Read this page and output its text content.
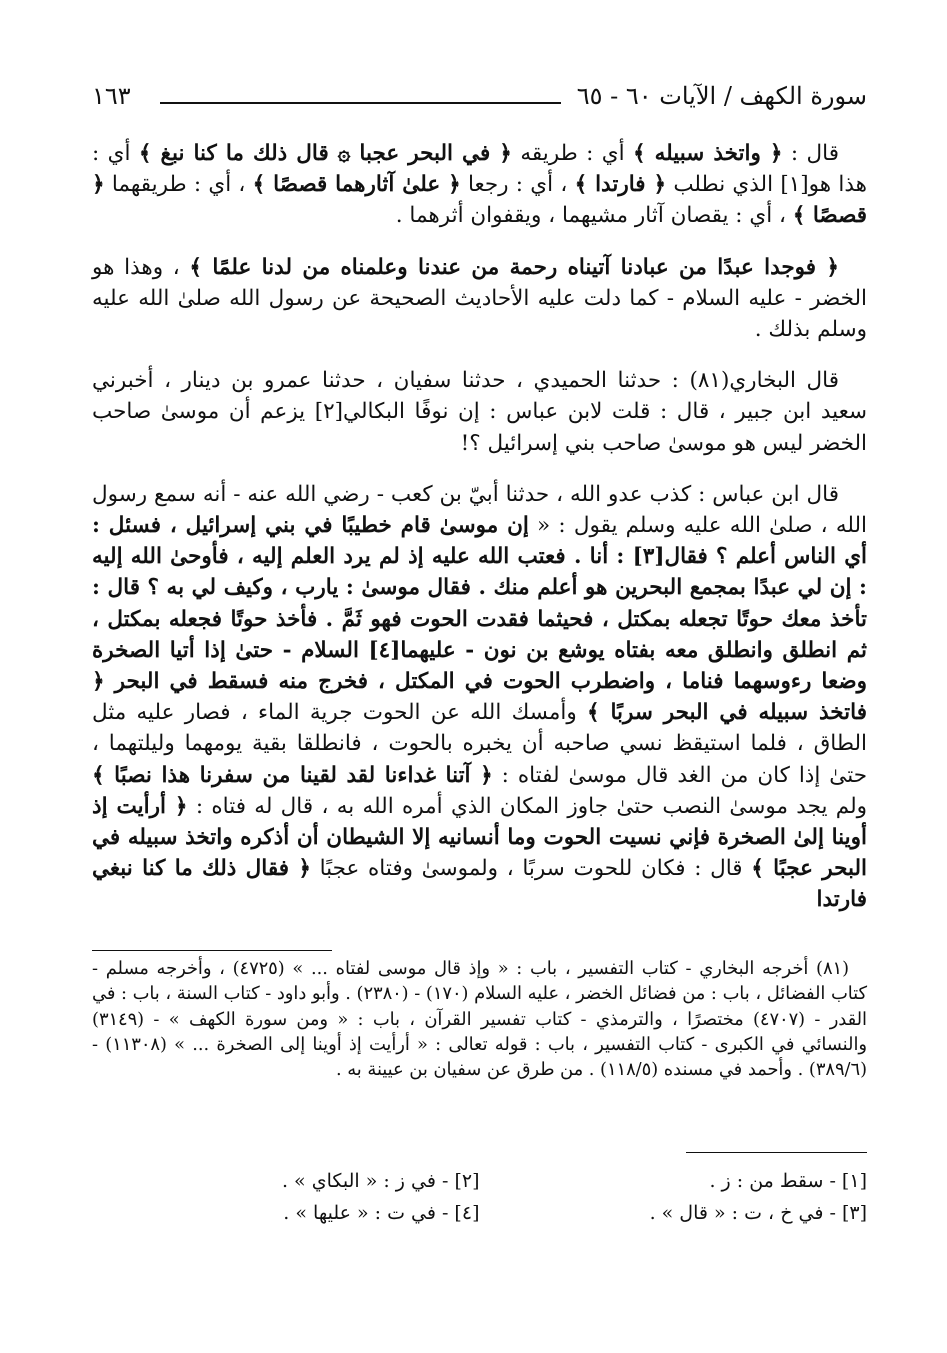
سورة الكهف / الآيات ٦٠ - ٦٥
١٦٣

قال : ﴿ واتخذ سبيله ﴾ أي : طريقه ﴿ في البحر عجبا ۞ قال ذلك ما كنا نبغ ﴾ أي : هذا هو[١] الذي نطلب ﴿ فارتدا ﴾ ، أي : رجعا ﴿ علىٰ آثارهما قصصًا ﴾ ، أي : طريقهما ﴿ قصصًا ﴾ ، أي : يقصان آثار مشيهما ، ويقفوان أثرهما .

﴿ فوجدا عبدًا من عبادنا آتيناه رحمة من عندنا وعلمناه من لدنا علمًا ﴾ ، وهذا هو الخضر - عليه السلام - كما دلت عليه الأحاديث الصحيحة عن رسول الله صلىٰ الله عليه وسلم بذلك .

قال البخاري(٨١) : حدثنا الحميدي ، حدثنا سفيان ، حدثنا عمرو بن دينار ، أخبرني سعيد ابن جبير ، قال : قلت لابن عباس : إن نوفًا البكالي[٢] يزعم أن موسىٰ صاحب الخضر ليس هو موسىٰ صاحب بني إسرائيل ؟!

قال ابن عباس : كذب عدو الله ، حدثنا أبيّ بن كعب - رضي الله عنه - أنه سمع رسول الله ، صلىٰ الله عليه وسلم يقول : « إن موسىٰ قام خطيبًا في بني إسرائيل ، فسئل : أي الناس أعلم ؟ فقال[٣] : أنا . فعتب الله عليه إذ لم يرد العلم إليه ، فأوحىٰ الله إليه : إن لي عبدًا بمجمع البحرين هو أعلم منك . فقال موسىٰ : يارب ، وكيف لي به ؟ قال : تأخذ معك حوتًا تجعله بمكتل ، فحيثما فقدت الحوت فهو ثَمَّ . فأخذ حوتًا فجعله بمكتل ، ثم انطلق وانطلق معه بفتاه يوشع بن نون - عليهما[٤] السلام - حتىٰ إذا أتيا الصخرة وضعا رءوسهما فناما ، واضطرب الحوت في المكتل ، فخرج منه فسقط في البحر ﴿ فاتخذ سبيله في البحر سربًا ﴾ وأمسك الله عن الحوت جرية الماء ، فصار عليه مثل الطاق ، فلما استيقظ نسي صاحبه أن يخبره بالحوت ، فانطلقا بقية يومهما وليلتهما ، حتىٰ إذا كان من الغد قال موسىٰ لفتاه : ﴿ آتنا غداءنا لقد لقينا من سفرنا هذا نصبًا ﴾ ولم يجد موسىٰ النصب حتىٰ جاوز المكان الذي أمره الله به ، قال له فتاه : ﴿ أرأيت إذ أوينا إلىٰ الصخرة فإني نسيت الحوت وما أنسانيه إلا الشيطان أن أذكره واتخذ سبيله في البحر عجبًا ﴾ قال : فكان للحوت سربًا ، ولموسىٰ وفتاه عجبًا ﴿ فقال ذلك ما كنا نبغي فارتدا

(٨١) أخرجه البخاري - كتاب التفسير ، باب : « وإذ قال موسى لفتاه ... » (٤٧٢٥) ، وأخرجه مسلم - كتاب الفضائل ، باب : من فضائل الخضر ، عليه السلام (١٧٠) - (٢٣٨٠) . وأبو داود - كتاب السنة ، باب : في القدر - (٤٧٠٧) مختصرًا ، والترمذي - كتاب تفسير القرآن ، باب : « ومن سورة الكهف » - (٣١٤٩) والنسائي في الكبرى - كتاب التفسير ، باب : قوله تعالى : « أرأيت إذ أوينا إلى الصخرة ... » (١١٣٠٨) - (٣٨٩/٦) . وأحمد في مسنده (١١٨/٥) . من طرق عن سفيان بن عيينة به .

[١] - سقط من : ز .
[٢] - في ز : « البكاي » .
[٣] - في خ ، ت : « قال » .
[٤] - في ت : « عليها » .
